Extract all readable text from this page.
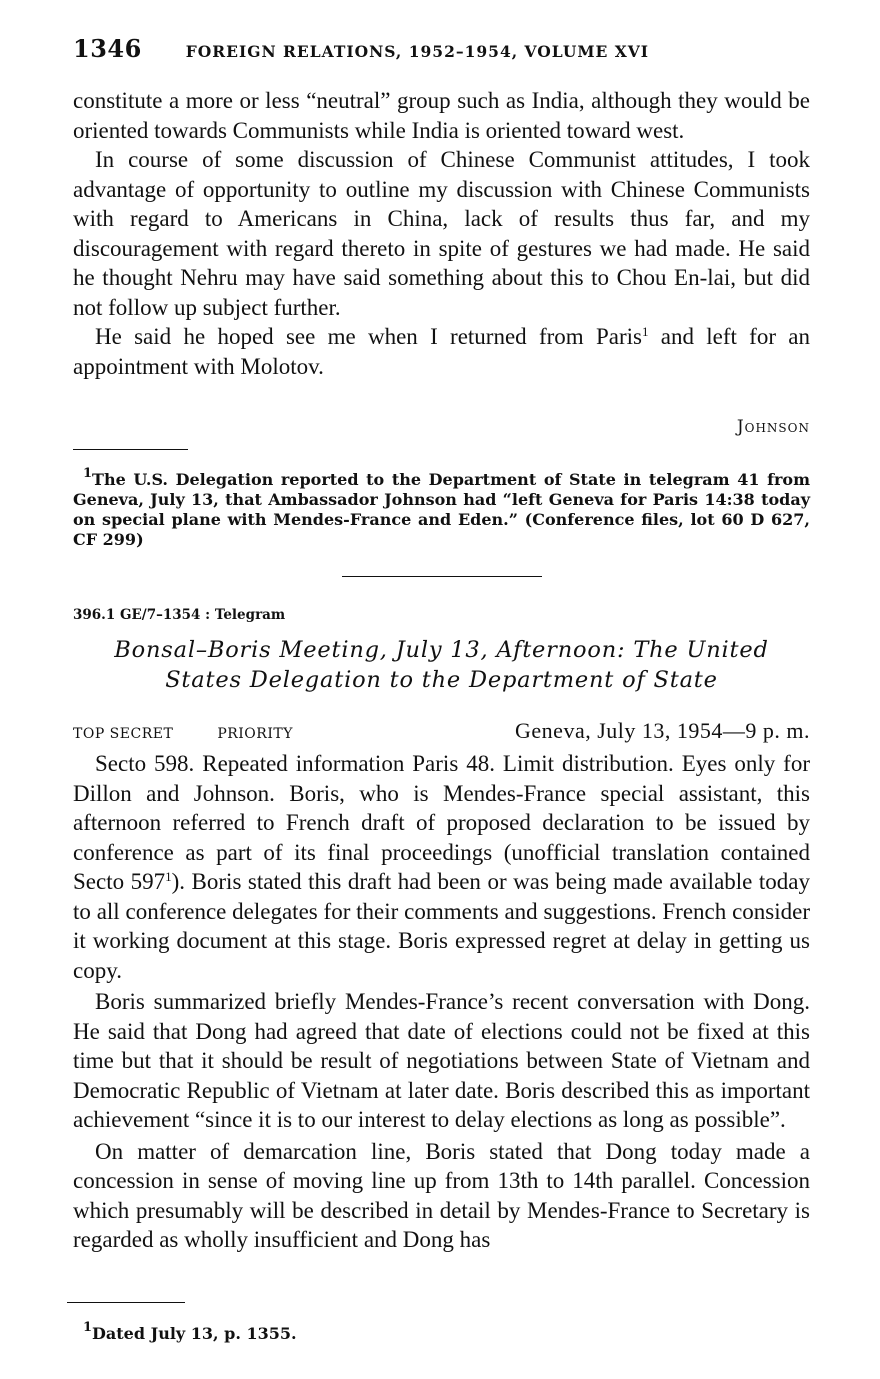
1346	FOREIGN RELATIONS, 1952–1954, VOLUME XVI

constitute a more or less “neutral” group such as India, although they would be oriented towards Communists while India is oriented toward west.

In course of some discussion of Chinese Communist attitudes, I took advantage of opportunity to outline my discussion with Chinese Communists with regard to Americans in China, lack of results thus far, and my discouragement with regard thereto in spite of gestures we had made. He said he thought Nehru may have said something about this to Chou En-lai, but did not follow up subject further.

He said he hoped see me when I returned from Paris$^1$ and left for an appointment with Molotov.

Johnson

$^1$The U.S. Delegation reported to the Department of State in telegram 41 from Geneva, July 13, that Ambassador Johnson had “left Geneva for Paris 14:38 today on special plane with Mendes-France and Eden.” (Conference files, lot 60 D 627, CF 299)

396.1 GE/7–1354 : Telegram
Bonsal–Boris Meeting, July 13, Afternoon: The United States Delegation to the Department of State
TOP SECRET	PRIORITY	Geneva, July 13, 1954—9 p. m.

Secto 598. Repeated information Paris 48. Limit distribution. Eyes only for Dillon and Johnson. Boris, who is Mendes-France special assistant, this afternoon referred to French draft of proposed declaration to be issued by conference as part of its final proceedings (unofficial translation contained Secto $597^1$). Boris stated this draft had been or was being made available today to all conference delegates for their comments and suggestions. French consider it working document at this stage. Boris expressed regret at delay in getting us copy.

Boris summarized briefly Mendes-France’s recent conversation with Dong. He said that Dong had agreed that date of elections could not be fixed at this time but that it should be result of negotiations between State of Vietnam and Democratic Republic of Vietnam at later date. Boris described this as important achievement “since it is to our interest to delay elections as long as possible”.

On matter of demarcation line, Boris stated that Dong today made a concession in sense of moving line up from 13th to 14th parallel. Concession which presumably will be described in detail by Mendes-France to Secretary is regarded as wholly insufficient and Dong has

$^1$Dated July 13, p. 1355.
